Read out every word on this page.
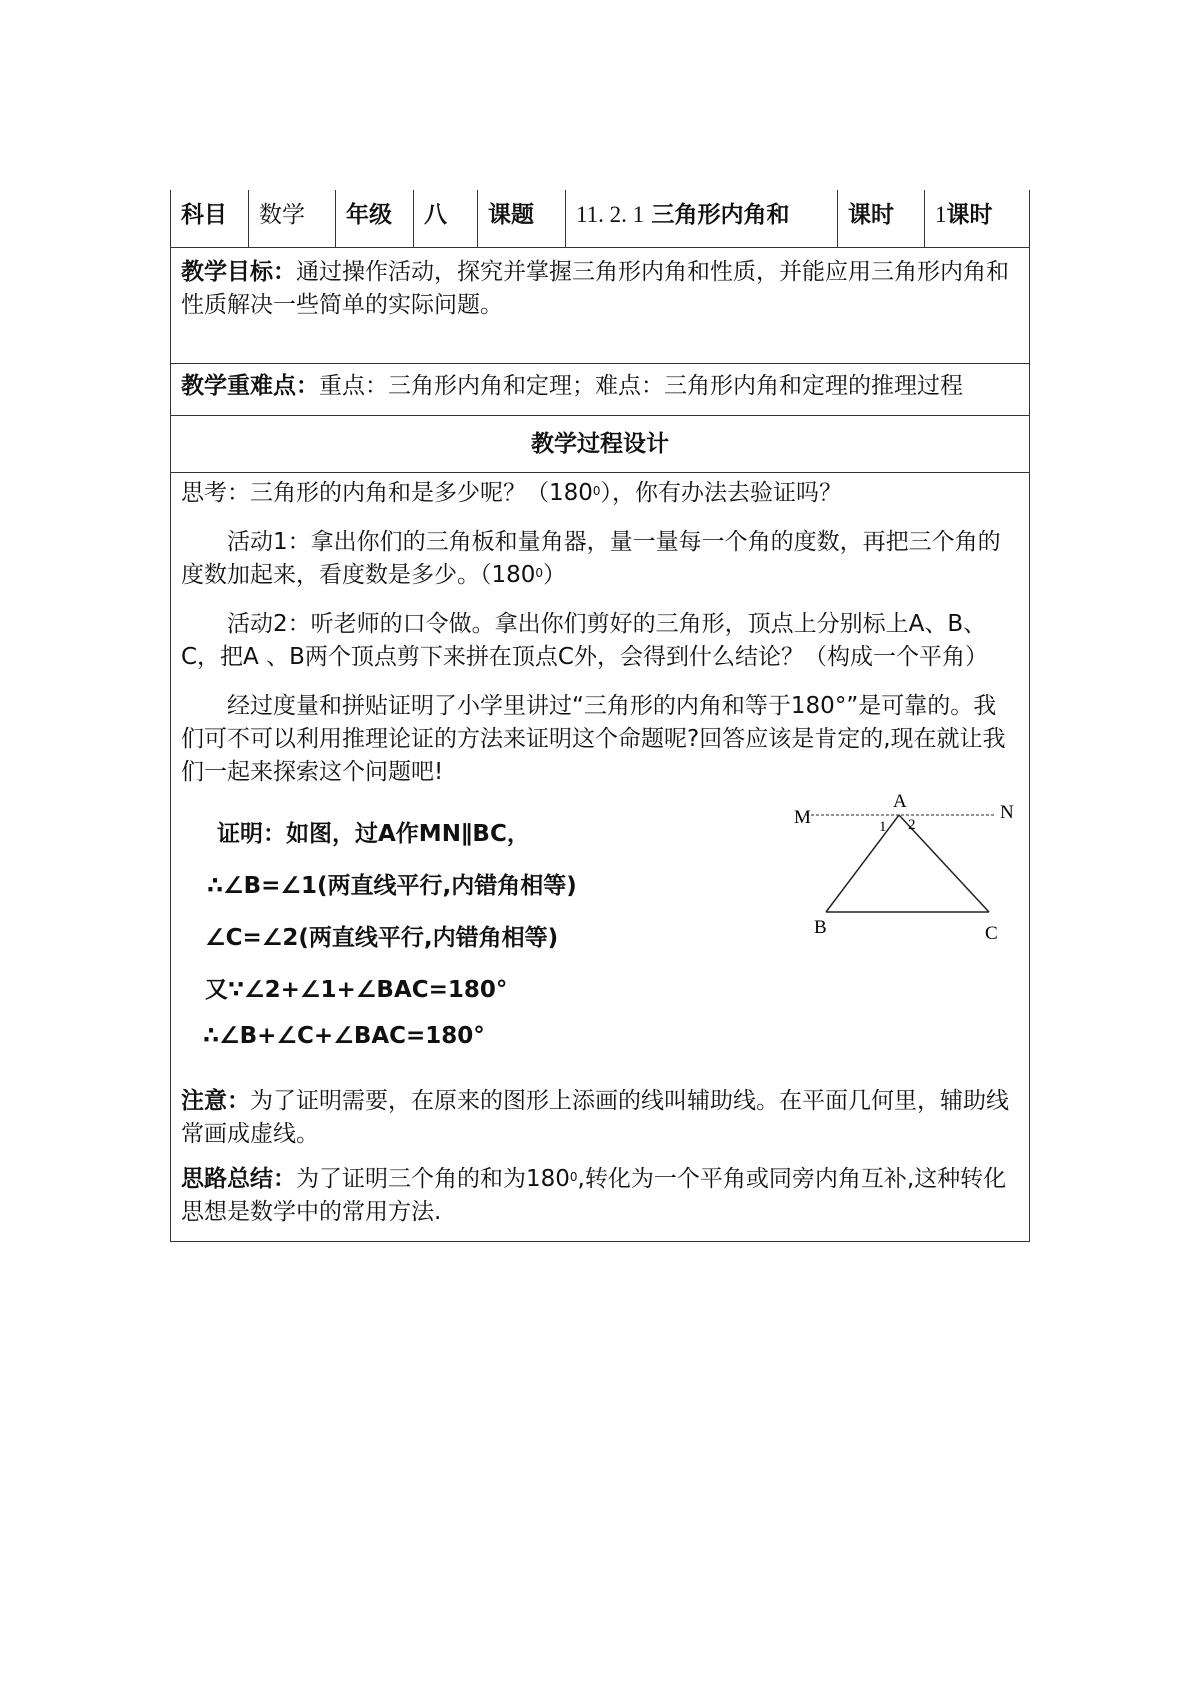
科目	数学	年级	八	课题	11. 2. 1 三角形内角和	课时	1课时
教学目标：通过操作活动，探究并掌握三角形内角和性质，并能应用三角形内角和性质解决一些简单的实际问题。
教学重难点：重点：三角形内角和定理；难点：三角形内角和定理的推理过程
教学过程设计

思考：三角形的内角和是多少呢？$(180^0)$，你有办法去验证吗？

活动1：拿出你们的三角板和量角器，量一量每一个角的度数，再把三个角的度数加起来，看度数是多少。$(180^0)$

活动2：听老师的口令做。拿出你们剪好的三角形，顶点上分别标上A、B、C，把A 、B两个顶点剪下来拼在顶点C外，会得到什么结论？（构成一个平角）

经过度量和拼贴证明了小学里讲过“三角形的内角和等于180°”是可靠的。我们可不可以利用推理论证的方法来证明这个命题呢?回答应该是肯定的,现在就让我们一起来探索这个问题吧!

证明：如图，过A作MN∥BC，
∴∠B=∠1(两直线平行,内错角相等)
∠C=∠2(两直线平行,内错角相等)
又∵∠2+∠1+∠BAC=180°
∴∠B+∠C+∠BAC=180°
M	N
A
B	C
1 2

注意：为了证明需要，在原来的图形上添画的线叫辅助线。在平面几何里，辅助线常画成虚线。

思路总结：为了证明三个角的和为$180^0$,转化为一个平角或同旁内角互补,这种转化思想是数学中的常用方法.
